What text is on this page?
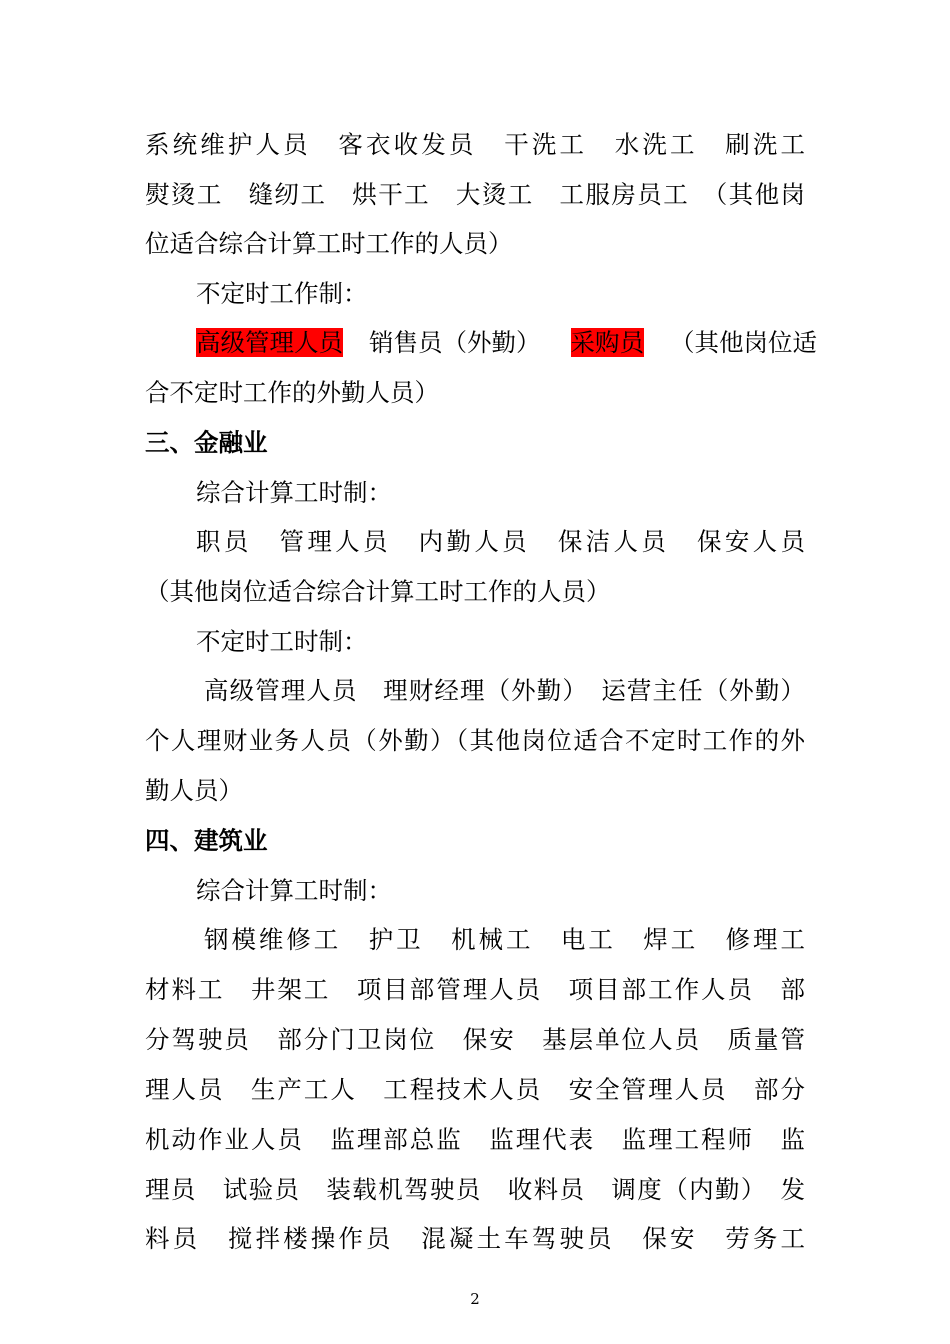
系统维护人员　客衣收发员　干洗工　水洗工　刷洗工
熨烫工　缝纫工　烘干工　大烫工　工服房员工　（其他岗
位适合综合计算工时工作的人员）
不定时工作制：
高级管理人员 销售员（外勤） 采购员 （其他岗位适
合不定时工作的外勤人员）
三、金融业
综合计算工时制：
职员　管理人员　内勤人员　保洁人员　保安人员
（其他岗位适合综合计算工时工作的人员）
不定时工时制：
高级管理人员　理财经理（外勤）　运营主任（外勤）
个人理财业务人员（外勤）（其他岗位适合不定时工作的外
勤人员）
四、建筑业
综合计算工时制：
钢模维修工　护卫　机械工　电工　焊工　修理工
材料工　井架工　项目部管理人员　项目部工作人员　部
分驾驶员　部分门卫岗位　保安　基层单位人员　质量管
理人员　生产工人　工程技术人员　安全管理人员　部分
机动作业人员　监理部总监　监理代表　监理工程师　监
理员　试验员　装载机驾驶员　收料员　调度（内勤）　发
料员　搅拌楼操作员　混凝土车驾驶员　保安　劳务工
2
